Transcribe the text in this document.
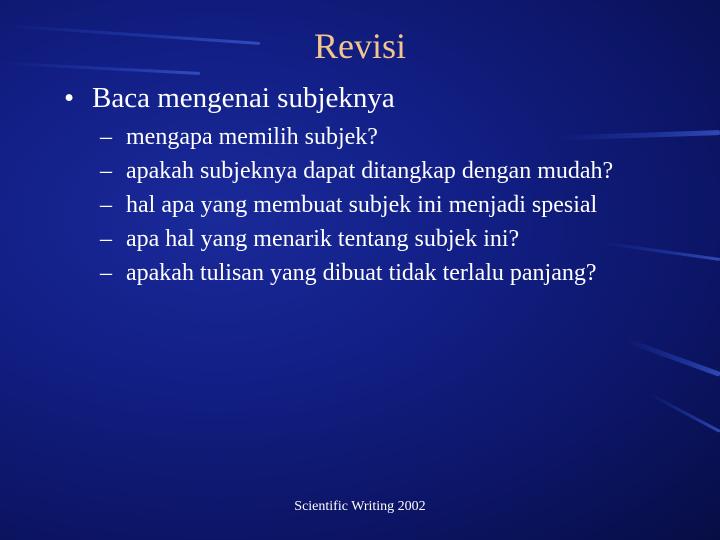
Revisi
• Baca mengenai subjeknya
– mengapa memilih subjek?
– apakah subjeknya dapat ditangkap dengan mudah?
– hal apa yang membuat subjek ini menjadi spesial
– apa hal yang menarik tentang subjek ini?
– apakah tulisan yang dibuat tidak terlalu panjang?
Scientific Writing 2002
